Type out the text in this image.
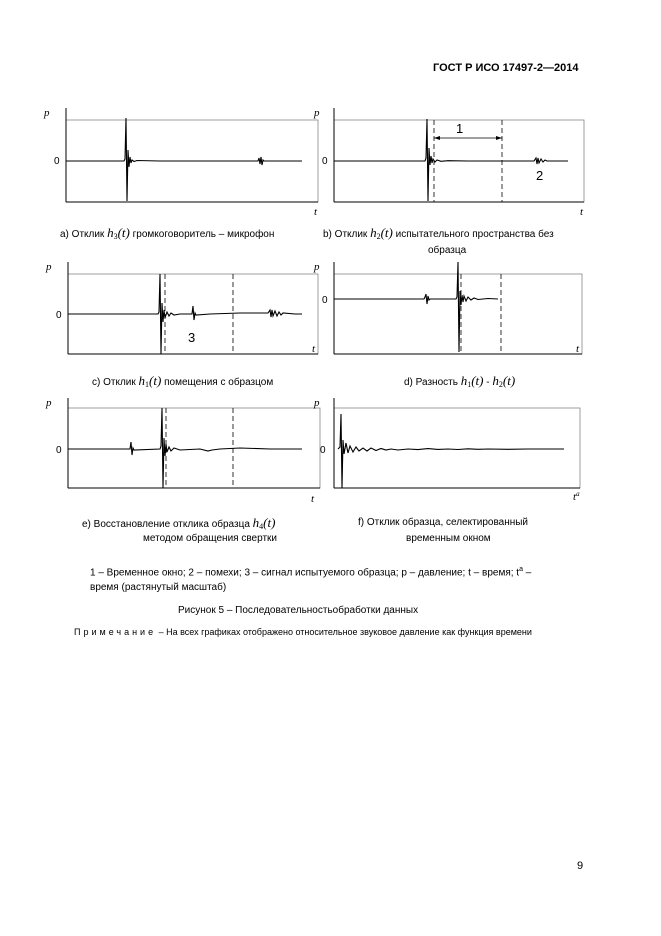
ГОСТ Р ИСО 17497-2—2014
p
0
t
a) Отклик $h_3(t)$ громкоговоритель – микрофон
p
0
1
2
t
b) Отклик $h_2(t)$ испытательного пространства без
образца
p
0
3
t
c) Отклик $h_1(t)$ помещения с образцом
p
0
t
d) Разность $h_1(t) - h_2(t)$
p
0
t
e) Восстановление отклика образца $h_4(t)$
методом обращения свертки
p
0
$t^a$
f) Отклик образца, селектированный
временным окном
1 – Временное окно; 2 – помехи; 3 – сигнал испытуемого образца; p – давление; t – время; $t^a$ –
время (растянутый масштаб)
Рисунок 5 – Последовательностьобработки данных
Примечание – На всех графиках отображено относительное звуковое давление как функция времени
9
